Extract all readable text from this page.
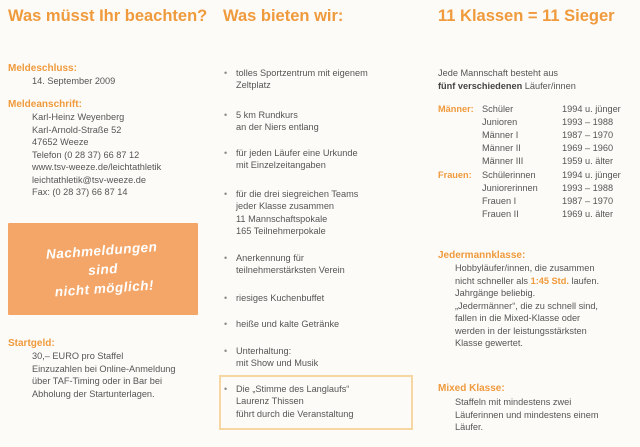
Was müsst Ihr beachten?
Meldeschluss:
14. September 2009
Meldeanschrift:
Karl-Heinz Weyenberg
Karl-Arnold-Straße 52
47652 Weeze
Telefon (0 28 37) 66 87 12
www.tsv-weeze.de/leichtathletik
leichtathletik@tsv-weeze.de
Fax: (0 28 37) 66 87 14
Nachmeldungen
sind
nicht möglich!
Startgeld:
30,– EURO pro Staffel
Einzuzahlen bei Online-Anmeldung
über TAF-Timing oder in Bar bei
Abholung der Startunterlagen.
Was bieten wir:
• tolles Sportzentrum mit eigenem
Zeltplatz
• 5 km Rundkurs
an der Niers entlang
• für jeden Läufer eine Urkunde
mit Einzelzeitangaben
• für die drei siegreichen Teams
jeder Klasse zusammen
11 Mannschaftspokale
165 Teilnehmerpokale
• Anerkennung für
teilnehmerstärksten Verein
• riesiges Kuchenbuffet
• heiße und kalte Getränke
• Unterhaltung:
mit Show und Musik
• Die „Stimme des Langlaufs“
Laurenz Thissen
führt durch die Veranstaltung
11 Klassen = 11 Sieger
Jede Mannschaft besteht aus
fünf verschiedenen Läufer/innen
Männer: Schüler	1994 u. jünger
Junioren	1993 – 1988
Männer I	1987 – 1970
Männer II	1969 – 1960
Männer III	1959 u. älter
Frauen: Schülerinnen	1994 u. jünger
Juniorerinnen	1993 – 1988
Frauen I	1987 – 1970
Frauen II	1969 u. älter
Jedermannklasse:
Hobbyläufer/innen, die zusammen
nicht schneller als 1:45 Std. laufen.
Jahrgänge beliebig.
„Jedermänner“, die zu schnell sind,
fallen in die Mixed-Klasse oder
werden in der leistungsstärksten
Klasse gewertet.
Mixed Klasse:
Staffeln mit mindestens zwei
Läuferinnen und mindestens einem
Läufer.
